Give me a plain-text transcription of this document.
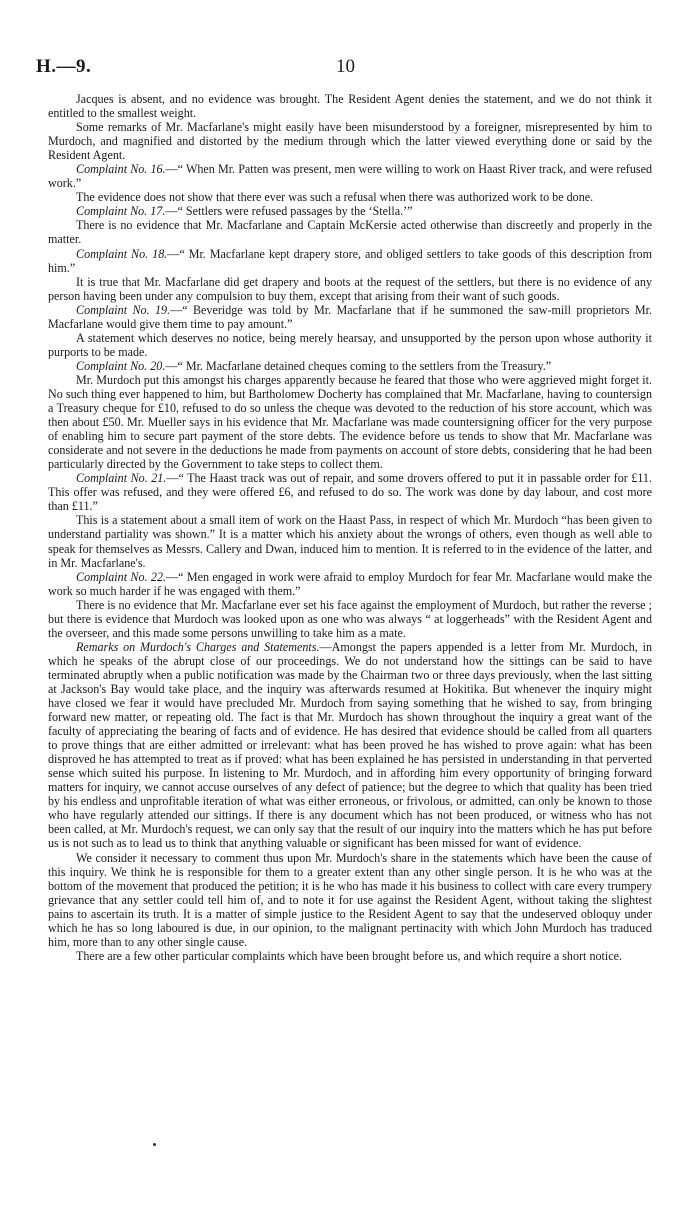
H.—9.	10

Jacques is absent, and no evidence was brought. The Resident Agent denies the statement, and we do not think it entitled to the smallest weight.

Some remarks of Mr. Macfarlane's might easily have been misunderstood by a foreigner, misrepresented by him to Murdoch, and magnified and distorted by the medium through which the latter viewed everything done or said by the Resident Agent.

Complaint No. 16.—“ When Mr. Patten was present, men were willing to work on Haast River track, and were refused work.”

The evidence does not show that there ever was such a refusal when there was authorized work to be done.

Complaint No. 17.—“ Settlers were refused passages by the ‘Stella.’”

There is no evidence that Mr. Macfarlane and Captain McKersie acted otherwise than discreetly and properly in the matter.

Complaint No. 18.—“ Mr. Macfarlane kept drapery store, and obliged settlers to take goods of this description from him.”

It is true that Mr. Macfarlane did get drapery and boots at the request of the settlers, but there is no evidence of any person having been under any compulsion to buy them, except that arising from their want of such goods.

Complaint No. 19.—“ Beveridge was told by Mr. Macfarlane that if he summoned the saw-mill proprietors Mr. Macfarlane would give them time to pay amount.”

A statement which deserves no notice, being merely hearsay, and unsupported by the person upon whose authority it purports to be made.

Complaint No. 20.—“ Mr. Macfarlane detained cheques coming to the settlers from the Treasury.”

Mr. Murdoch put this amongst his charges apparently because he feared that those who were aggrieved might forget it. No such thing ever happened to him, but Bartholomew Docherty has complained that Mr. Macfarlane, having to countersign a Treasury cheque for £10, refused to do so unless the cheque was devoted to the reduction of his store account, which was then about £50. Mr. Mueller says in his evidence that Mr. Macfarlane was made countersigning officer for the very purpose of enabling him to secure part payment of the store debts. The evidence before us tends to show that Mr. Macfarlane was considerate and not severe in the deductions he made from payments on account of store debts, considering that he had been particularly directed by the Government to take steps to collect them.

Complaint No. 21.—“ The Haast track was out of repair, and some drovers offered to put it in passable order for £11. This offer was refused, and they were offered £6, and refused to do so. The work was done by day labour, and cost more than £11.”

This is a statement about a small item of work on the Haast Pass, in respect of which Mr. Murdoch “has been given to understand partiality was shown.” It is a matter which his anxiety about the wrongs of others, even though as well able to speak for themselves as Messrs. Callery and Dwan, induced him to mention. It is referred to in the evidence of the latter, and in Mr. Macfarlane's.

Complaint No. 22.—“ Men engaged in work were afraid to employ Murdoch for fear Mr. Macfarlane would make the work so much harder if he was engaged with them.”

There is no evidence that Mr. Macfarlane ever set his face against the employment of Murdoch, but rather the reverse ; but there is evidence that Murdoch was looked upon as one who was always “ at loggerheads” with the Resident Agent and the overseer, and this made some persons unwilling to take him as a mate.

Remarks on Murdoch's Charges and Statements.—Amongst the papers appended is a letter from Mr. Murdoch, in which he speaks of the abrupt close of our proceedings. We do not understand how the sittings can be said to have terminated abruptly when a public notification was made by the Chairman two or three days previously, when the last sitting at Jackson's Bay would take place, and the inquiry was afterwards resumed at Hokitika. But whenever the inquiry might have closed we fear it would have precluded Mr. Murdoch from saying something that he wished to say, from bringing forward new matter, or repeating old. The fact is that Mr. Murdoch has shown throughout the inquiry a great want of the faculty of appreciating the bearing of facts and of evidence. He has desired that evidence should be called from all quarters to prove things that are either admitted or irrelevant: what has been proved he has wished to prove again: what has been disproved he has attempted to treat as if proved: what has been explained he has persisted in understanding in that perverted sense which suited his purpose. In listening to Mr. Murdoch, and in affording him every opportunity of bringing forward matters for inquiry, we cannot accuse ourselves of any defect of patience; but the degree to which that quality has been tried by his endless and unprofitable iteration of what was either erroneous, or frivolous, or admitted, can only be known to those who have regularly attended our sittings. If there is any document which has not been produced, or witness who has not been called, at Mr. Murdoch's request, we can only say that the result of our inquiry into the matters which he has put before us is not such as to lead us to think that anything valuable or significant has been missed for want of evidence.

We consider it necessary to comment thus upon Mr. Murdoch's share in the statements which have been the cause of this inquiry. We think he is responsible for them to a greater extent than any other single person. It is he who was at the bottom of the movement that produced the petition; it is he who has made it his business to collect with care every trumpery grievance that any settler could tell him of, and to note it for use against the Resident Agent, without taking the slightest pains to ascertain its truth. It is a matter of simple justice to the Resident Agent to say that the undeserved obloquy under which he has so long laboured is due, in our opinion, to the malignant pertinacity with which John Murdoch has traduced him, more than to any other single cause.

There are a few other particular complaints which have been brought before us, and which require a short notice.
